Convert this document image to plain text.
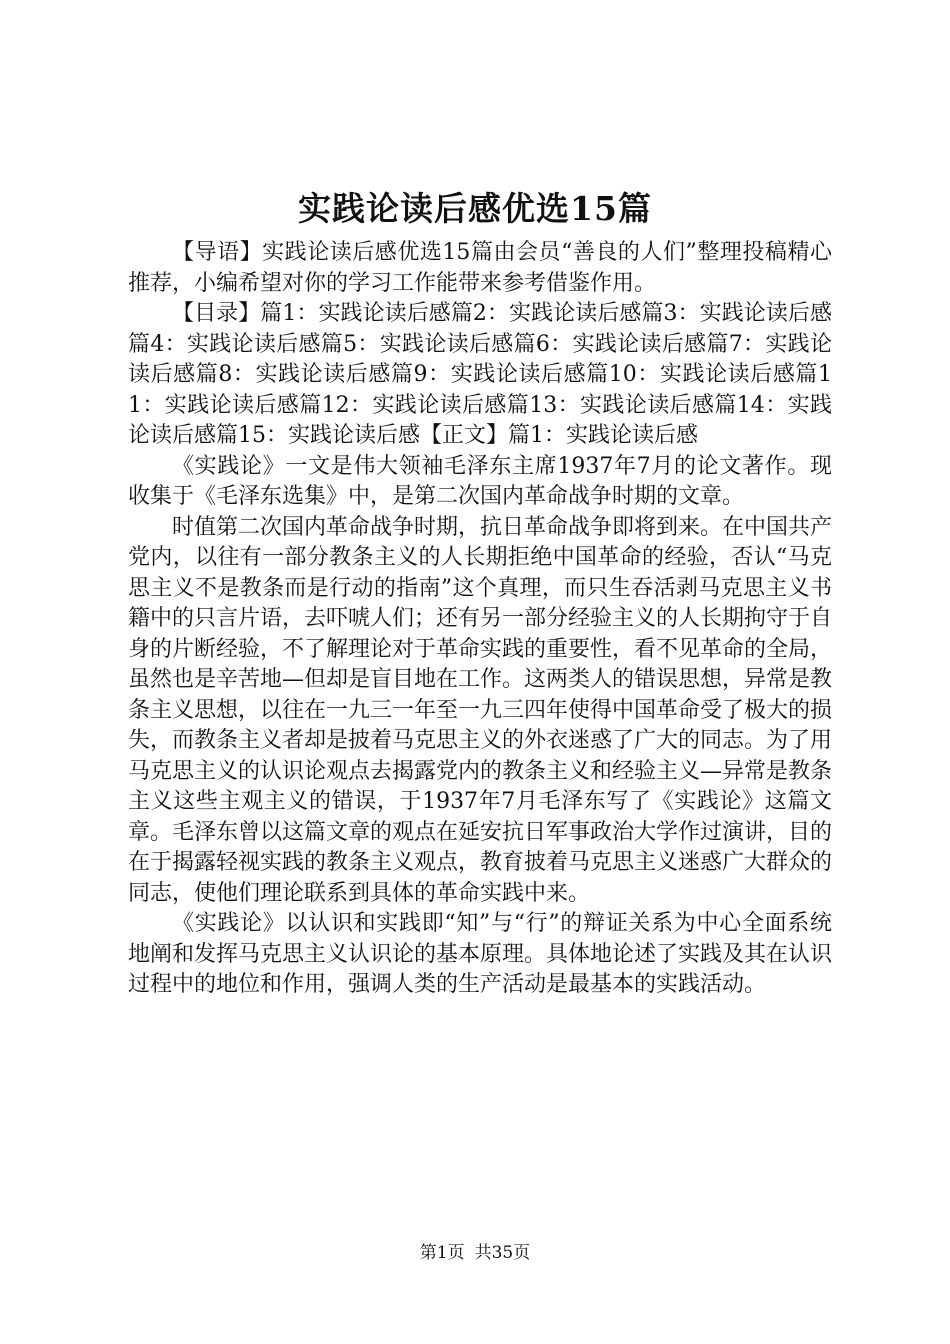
实践论读后感优选15篇

【导语】实践论读后感优选15篇由会员“善良的人们”整理投稿精心推荐，小编希望对你的学习工作能带来参考借鉴作用。

【目录】篇1：实践论读后感篇2：实践论读后感篇3：实践论读后感篇4：实践论读后感篇5：实践论读后感篇6：实践论读后感篇7：实践论读后感篇8：实践论读后感篇9：实践论读后感篇10：实践论读后感篇11：实践论读后感篇12：实践论读后感篇13：实践论读后感篇14：实践论读后感篇15：实践论读后感【正文】篇1：实践论读后感

《实践论》一文是伟大领袖毛泽东主席1937年7月的论文著作。现收集于《毛泽东选集》中，是第二次国内革命战争时期的文章。

时值第二次国内革命战争时期，抗日革命战争即将到来。在中国共产党内，以往有一部分教条主义的人长期拒绝中国革命的经验，否认“马克思主义不是教条而是行动的指南”这个真理，而只生吞活剥马克思主义书籍中的只言片语，去吓唬人们；还有另一部分经验主义的人长期拘守于自身的片断经验，不了解理论对于革命实践的重要性，看不见革命的全局，虽然也是辛苦地—但却是盲目地在工作。这两类人的错误思想，异常是教条主义思想，以往在一九三一年至一九三四年使得中国革命受了极大的损失，而教条主义者却是披着马克思主义的外衣迷惑了广大的同志。为了用马克思主义的认识论观点去揭露党内的教条主义和经验主义—异常是教条主义这些主观主义的错误，于1937年7月毛泽东写了《实践论》这篇文章。毛泽东曾以这篇文章的观点在延安抗日军事政治大学作过演讲，目的在于揭露轻视实践的教条主义观点，教育披着马克思主义迷惑广大群众的同志，使他们理论联系到具体的革命实践中来。

《实践论》以认识和实践即“知”与“行”的辩证关系为中心全面系统地阐和发挥马克思主义认识论的基本原理。具体地论述了实践及其在认识过程中的地位和作用，强调人类的生产活动是最基本的实践活动。

第1页 共35页
